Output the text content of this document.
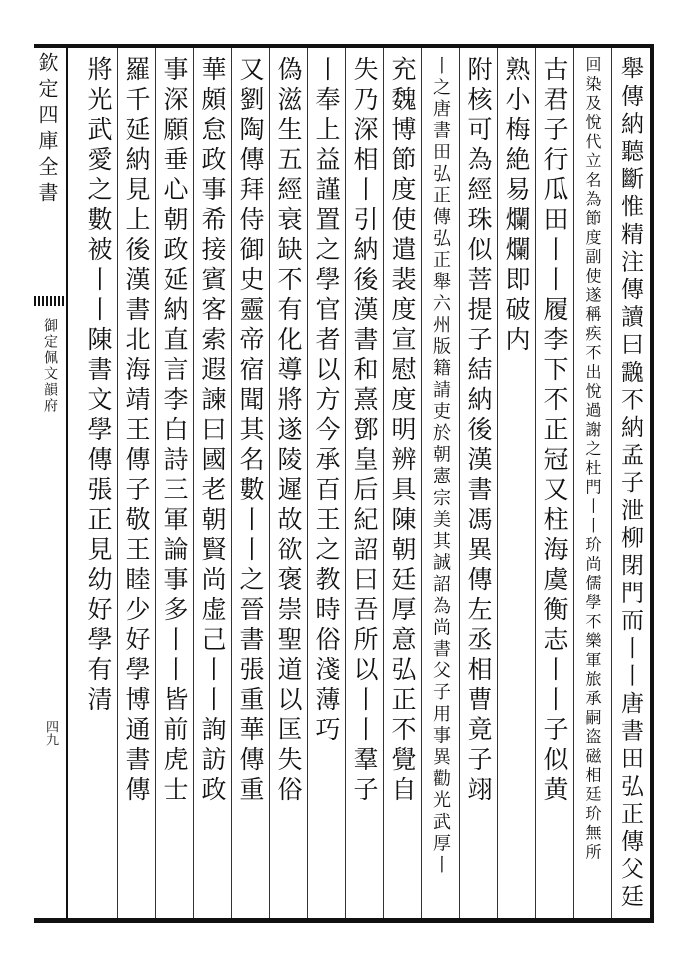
欽定四庫全書
御定佩文韻府
四九	舉傳納聽斷惟精注傳讀曰䨲不納孟子泄柳閉門而丨丨唐書田弘正傳父廷
回染及悅代立名為節度副使遂稱疾不出悅過謝之杜門丨丨玠尚儒學不樂軍旅承嗣盗磁相廷玠無所
古君子行瓜田丨丨履李下不正冠又柱海虞衡志丨丨子似黄
熟小梅絶易爛爛即破内
附核可為經珠似菩提子結納後漢書馮異傳左丞相曹竟子翊
丨之唐書田弘正傳弘正舉六州版籍請吏於朝憲宗美其誠詔為尚書父子用事異勸光武厚丨
充魏博節度使遣裴度宣慰度明辨具陳朝廷厚意弘正不覺自
失乃深相丨引納後漢書和熹鄧皇后紀詔曰吾所以丨丨羣子
丨奉上益謹置之學官者以方今承百王之教時俗淺薄巧
偽滋生五經衰缺不有化導將遂陵遲故欲褒崇聖道以匡失俗
又劉陶傳拜侍御史靈帝宿聞其名數丨丨之晉書張重華傳重
華頗怠政事希接賓客索遐諫曰國老朝賢尚虚己丨丨詢訪政
事深願垂心朝政延納直言李白詩三軍論事多丨丨皆前虎士
羅千延納見上後漢書北海靖王傳子敬王睦少好學博通書傳
將光武愛之數被丨丨陳書文學傳張正見幼好學有清
